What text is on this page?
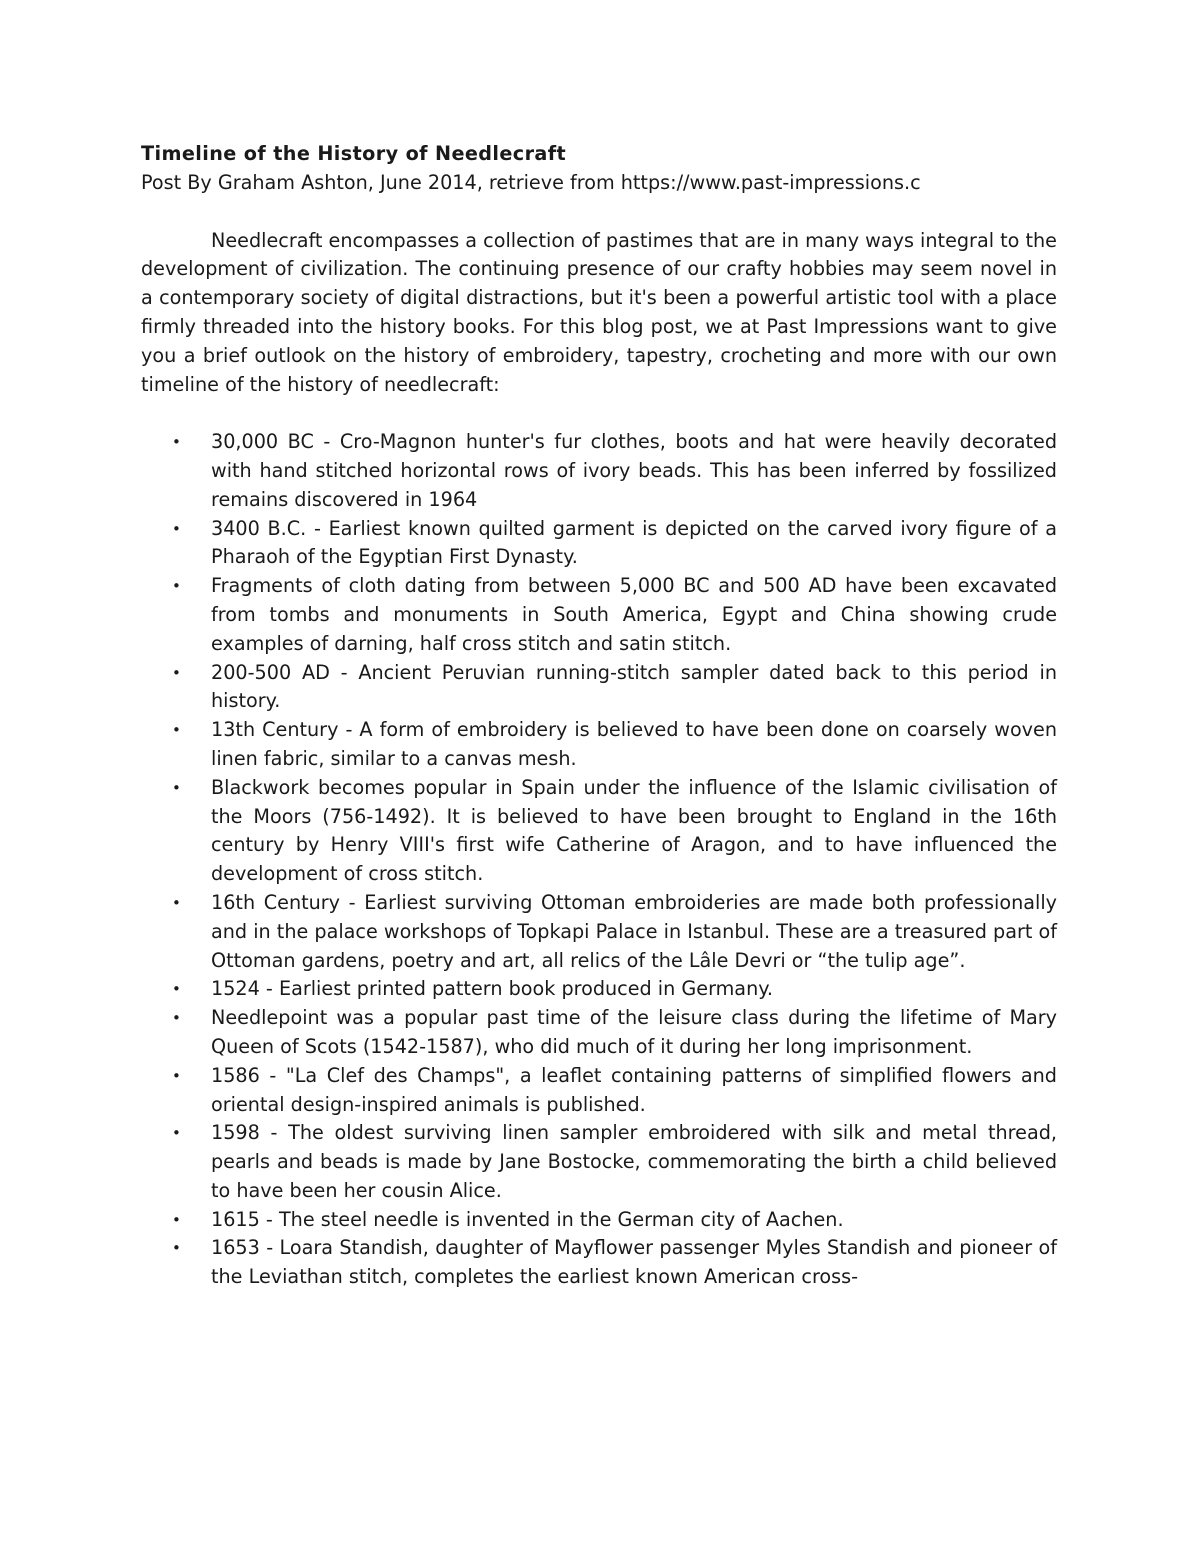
Timeline of the History of Needlecraft

Post By Graham Ashton, June 2014, retrieve from https://www.past-impressions.c

Needlecraft encompasses a collection of pastimes that are in many ways integral to the development of civilization. The continuing presence of our crafty hobbies may seem novel in a contemporary society of digital distractions, but it's been a powerful artistic tool with a place firmly threaded into the history books. For this blog post, we at Past Impressions want to give you a brief outlook on the history of embroidery, tapestry, crocheting and more with our own timeline of the history of needlecraft:

• 30,000 BC - Cro-Magnon hunter's fur clothes, boots and hat were heavily decorated with hand stitched horizontal rows of ivory beads. This has been inferred by fossilized remains discovered in 1964
• 3400 B.C. - Earliest known quilted garment is depicted on the carved ivory figure of a Pharaoh of the Egyptian First Dynasty.
• Fragments of cloth dating from between 5,000 BC and 500 AD have been excavated from tombs and monuments in South America, Egypt and China showing crude examples of darning, half cross stitch and satin stitch.
• 200-500 AD - Ancient Peruvian running-stitch sampler dated back to this period in history.
• 13th Century - A form of embroidery is believed to have been done on coarsely woven linen fabric, similar to a canvas mesh.
• Blackwork becomes popular in Spain under the influence of the Islamic civilisation of the Moors (756-1492). It is believed to have been brought to England in the 16th century by Henry VIII's first wife Catherine of Aragon, and to have influenced the development of cross stitch.
• 16th Century - Earliest surviving Ottoman embroideries are made both professionally and in the palace workshops of Topkapi Palace in Istanbul. These are a treasured part of Ottoman gardens, poetry and art, all relics of the Lâle Devri or “the tulip age”.
• 1524 - Earliest printed pattern book produced in Germany.
• Needlepoint was a popular past time of the leisure class during the lifetime of Mary Queen of Scots (1542-1587), who did much of it during her long imprisonment.
• 1586 - "La Clef des Champs", a leaflet containing patterns of simplified flowers and oriental design-inspired animals is published.
• 1598 - The oldest surviving linen sampler embroidered with silk and metal thread, pearls and beads is made by Jane Bostocke, commemorating the birth a child believed to have been her cousin Alice.
• 1615 - The steel needle is invented in the German city of Aachen.
• 1653 - Loara Standish, daughter of Mayflower passenger Myles Standish and pioneer of the Leviathan stitch, completes the earliest known American cross-
